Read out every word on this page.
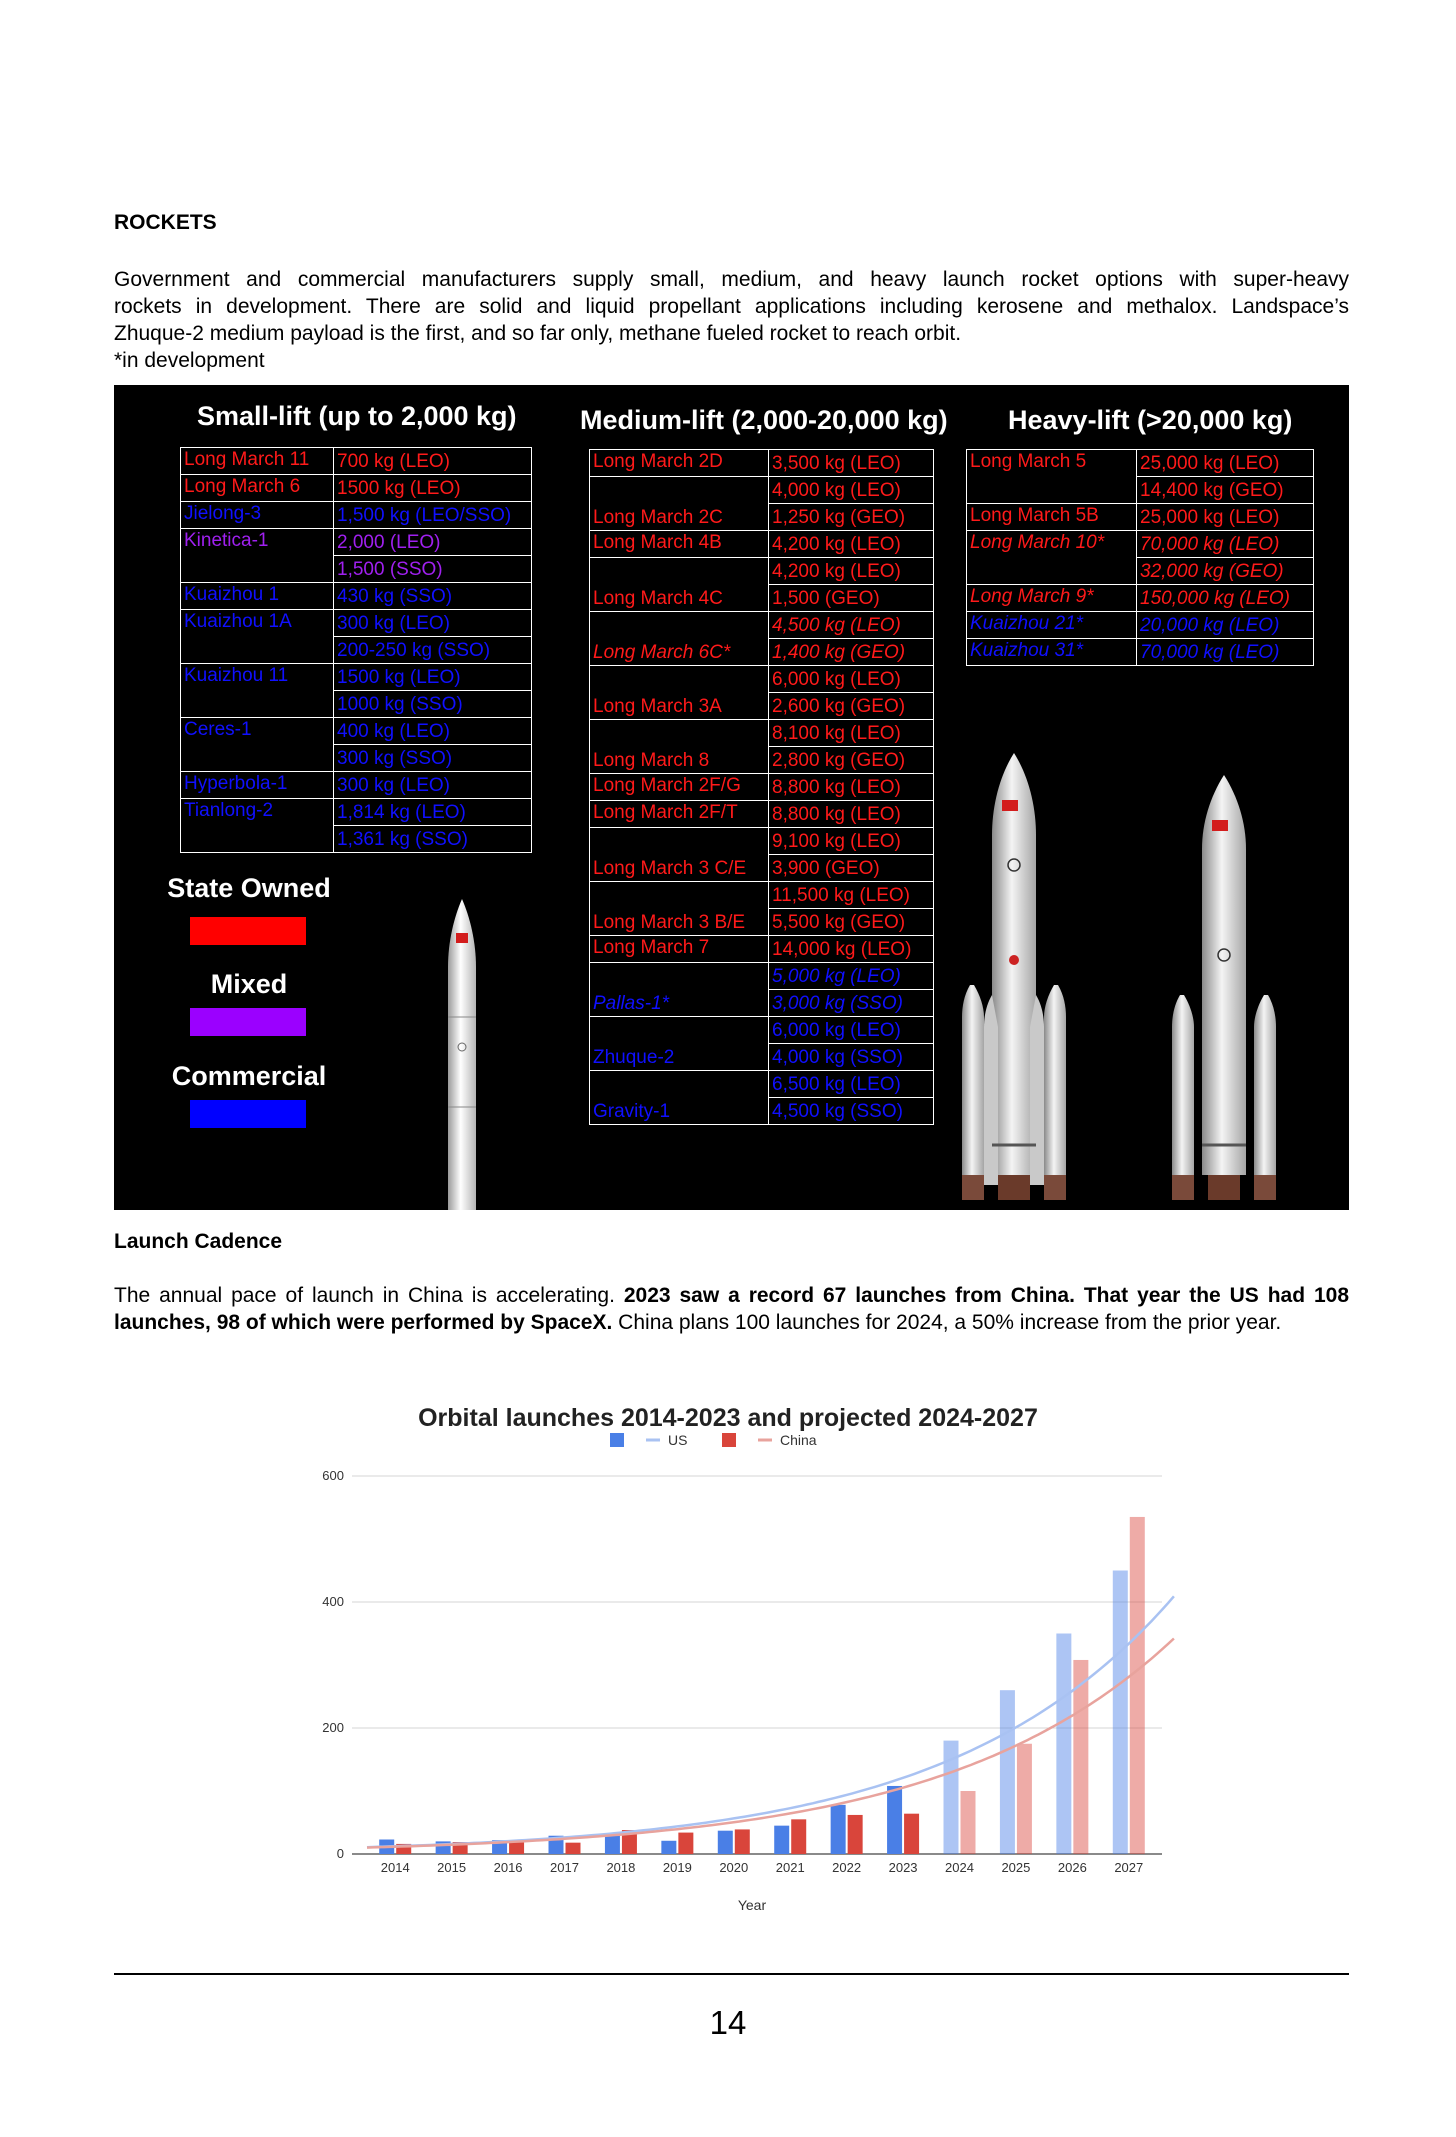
ROCKETS
Government and commercial manufacturers supply small, medium, and heavy launch rocket options with super-heavy
rockets in development. There are solid and liquid propellant applications including kerosene and methalox. Landspace’s
Zhuque-2 medium payload is the first, and so far only, methane fueled rocket to reach orbit.
*in development
Small-lift (up to 2,000 kg) Medium-lift (2,000-20,000 kg) Heavy-lift (>20,000 kg)
Long March 11	700 kg (LEO)
Long March 6	1500 kg (LEO)
Jielong-3	1,500 kg (LEO/SSO)
Kinetica-1	2,000 (LEO)
	1,500 (SSO)
Kuaizhou 1	430 kg (SSO)
Kuaizhou 1A	300 kg (LEO)
	200-250 kg (SSO)
Kuaizhou 11	1500 kg (LEO)
	1000 kg (SSO)
Ceres-1	400 kg (LEO)
	300 kg (SSO)
Hyperbola-1	300 kg (LEO)
Tianlong-2	1,814 kg (LEO)
	1,361 kg (SSO)
Long March 2D	3,500 kg (LEO)
Long March 2C	4,000 kg (LEO)
	1,250 kg (GEO)
Long March 4B	4,200 kg (LEO)
Long March 4C	4,200 kg (LEO)
	1,500 (GEO)
Long March 6C*	4,500 kg (LEO)
	1,400 kg (GEO)
Long March 3A	6,000 kg (LEO)
	2,600 kg (GEO)
Long March 8	8,100 kg (LEO)
	2,800 kg (GEO)
Long March 2F/G	8,800 kg (LEO)
Long March 2F/T	8,800 kg (LEO)
Long March 3 C/E	9,100 kg (LEO)
	3,900 (GEO)
Long March 3 B/E	11,500 kg (LEO)
	5,500 kg (GEO)
Long March 7	14,000 kg (LEO)
Pallas-1*	5,000 kg (LEO)
	3,000 kg (SSO)
Zhuque-2	6,000 kg (LEO)
	4,000 kg (SSO)
Gravity-1	6,500 kg (LEO)
	4,500 kg (SSO)
Long March 5	25,000 kg (LEO)
	14,400 kg (GEO)
Long March 5B	25,000 kg (LEO)
Long March 10*	70,000 kg (LEO)
	32,000 kg (GEO)
Long March 9*	150,000 kg (LEO)
Kuaizhou 21*	20,000 kg (LEO)
Kuaizhou 31*	70,000 kg (LEO)
State Owned
Mixed
Commercial
Launch Cadence
The annual pace of launch in China is accelerating. 2023 saw a record 67 launches from China. That year the US had 108 launches, 98 of which were performed by SpaceX. China plans 100 launches for 2024, a 50% increase from the prior year.
Orbital launches 2014-2023 and projected 2024-2027
0
200
400
600
2014 2015 2016 2017 2018 2019 2020 2021 2022 2023 2024 2025 2026 2027
US	China
Year
14
